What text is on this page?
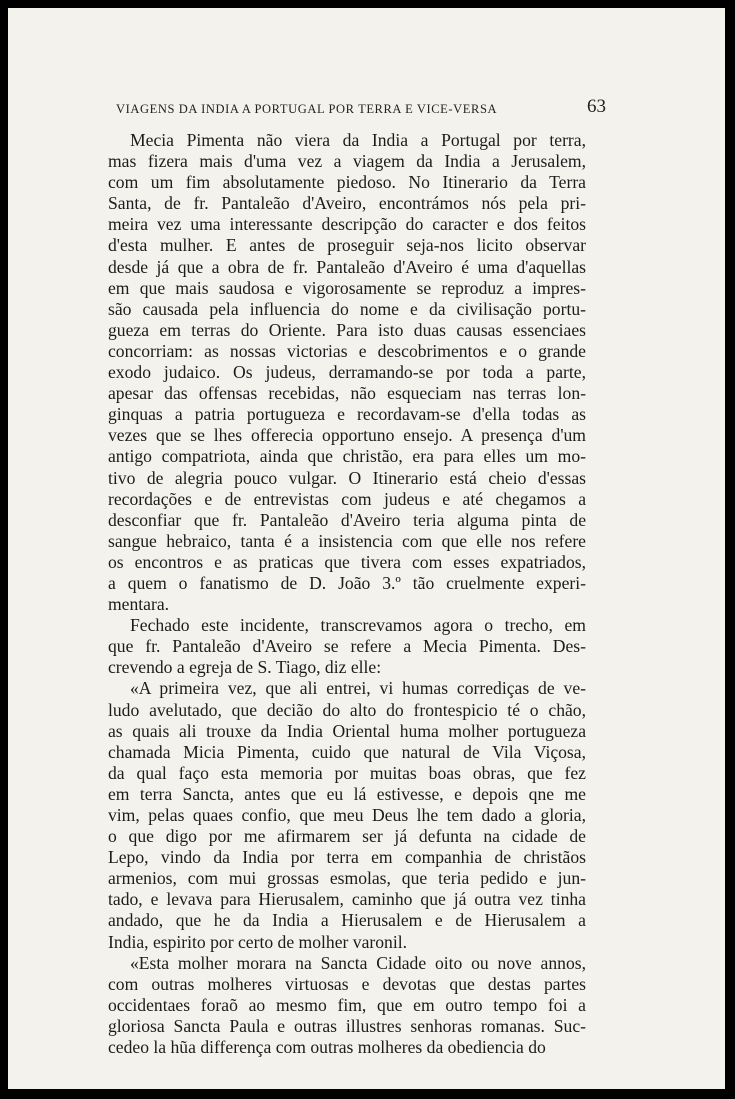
VIAGENS DA INDIA A PORTUGAL POR TERRA E VICE-VERSA	63

Mecia Pimenta não viera da India a Portugal por terra,
mas fizera mais d'uma vez a viagem da India a Jerusalem,
com um fim absolutamente piedoso. No Itinerario da Terra
Santa, de fr. Pantaleão d'Aveiro, encontrámos nós pela pri-
meira vez uma interessante descripção do caracter e dos feitos
d'esta mulher. E antes de proseguir seja-nos licito observar
desde já que a obra de fr. Pantaleão d'Aveiro é uma d'aquellas
em que mais saudosa e vigorosamente se reproduz a impres-
são causada pela influencia do nome e da civilisação portu-
gueza em terras do Oriente. Para isto duas causas essenciaes
concorriam: as nossas victorias e descobrimentos e o grande
exodo judaico. Os judeus, derramando-se por toda a parte,
apesar das offensas recebidas, não esqueciam nas terras lon-
ginquas a patria portugueza e recordavam-se d'ella todas as
vezes que se lhes offerecia opportuno ensejo. A presença d'um
antigo compatriota, ainda que christão, era para elles um mo-
tivo de alegria pouco vulgar. O Itinerario está cheio d'essas
recordações e de entrevistas com judeus e até chegamos a
desconfiar que fr. Pantaleão d'Aveiro teria alguma pinta de
sangue hebraico, tanta é a insistencia com que elle nos refere
os encontros e as praticas que tivera com esses expatriados,
a quem o fanatismo de D. João 3.º tão cruelmente experi-
mentara.

Fechado este incidente, transcrevamos agora o trecho, em
que fr. Pantaleão d'Aveiro se refere a Mecia Pimenta. Des-
crevendo a egreja de S. Tiago, diz elle:

«A primeira vez, que ali entrei, vi humas corrediças de ve-
ludo avelutado, que decião do alto do frontespicio té o chão,
as quais ali trouxe da India Oriental huma molher portugueza
chamada Micia Pimenta, cuido que natural de Vila Viçosa,
da qual faço esta memoria por muitas boas obras, que fez
em terra Sancta, antes que eu lá estivesse, e depois qne me
vim, pelas quaes confio, que meu Deus lhe tem dado a gloria,
o que digo por me afirmarem ser já defunta na cidade de
Lepo, vindo da India por terra em companhia de christãos
armenios, com mui grossas esmolas, que teria pedido e jun-
tado, e levava para Hierusalem, caminho que já outra vez tinha
andado, que he da India a Hierusalem e de Hierusalem a
India, espirito por certo de molher varonil.

«Esta molher morara na Sancta Cidade oito ou nove annos,
com outras molheres virtuosas e devotas que destas partes
occidentaes foraõ ao mesmo fim, que em outro tempo foi a
gloriosa Sancta Paula e outras illustres senhoras romanas. Suc-
cedeo la hũa differença com outras molheres da obediencia do
